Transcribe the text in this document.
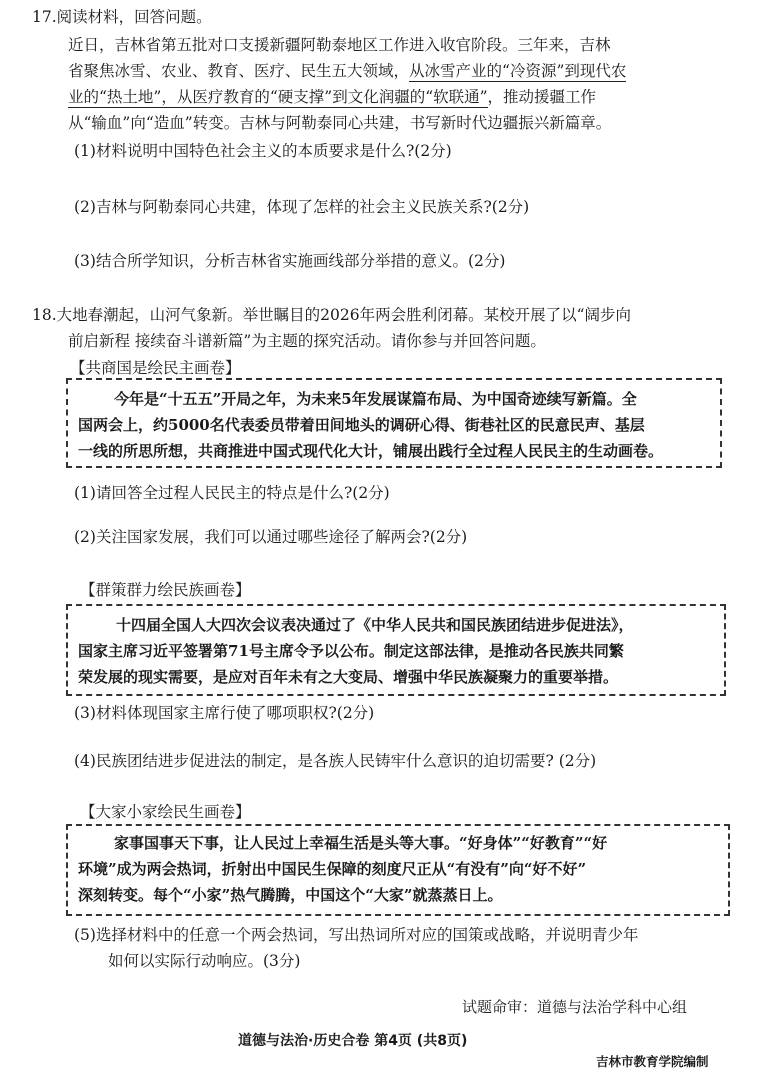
17.阅读材料，回答问题。
近日，吉林省第五批对口支援新疆阿勒泰地区工作进入收官阶段。三年来，吉林
省聚焦冰雪、农业、教育、医疗、民生五大领域，从冰雪产业的“冷资源”到现代农
业的“热土地”，从医疗教育的“硬支撑”到文化润疆的“软联通”，推动援疆工作
从“输血”向“造血”转变。吉林与阿勒泰同心共建，书写新时代边疆振兴新篇章。
(1)材料说明中国特色社会主义的本质要求是什么?(2分)
(2)吉林与阿勒泰同心共建，体现了怎样的社会主义民族关系?(2分)
(3)结合所学知识，分析吉林省实施画线部分举措的意义。(2分)
18.大地春潮起，山河气象新。举世瞩目的2026年两会胜利闭幕。某校开展了以“阔步向
前启新程 接续奋斗谱新篇”为主题的探究活动。请你参与并回答问题。
【共商国是绘民主画卷】
今年是“十五五”开局之年，为未来5年发展谋篇布局、为中国奇迹续写新篇。全
国两会上，约5000名代表委员带着田间地头的调研心得、街巷社区的民意民声、基层
一线的所思所想，共商推进中国式现代化大计，铺展出践行全过程人民民主的生动画卷。
(1)请回答全过程人民民主的特点是什么?(2分)
(2)关注国家发展，我们可以通过哪些途径了解两会?(2分)
【群策群力绘民族画卷】
十四届全国人大四次会议表决通过了《中华人民共和国民族团结进步促进法》，
国家主席习近平签署第71号主席令予以公布。制定这部法律，是推动各民族共同繁
荣发展的现实需要，是应对百年未有之大变局、增强中华民族凝聚力的重要举措。
(3)材料体现国家主席行使了哪项职权?(2分)
(4)民族团结进步促进法的制定，是各族人民铸牢什么意识的迫切需要? (2分)
【大家小家绘民生画卷】
家事国事天下事，让人民过上幸福生活是头等大事。“好身体”“好教育”“好
环境”成为两会热词，折射出中国民生保障的刻度尺正从“有没有”向“好不好”
深刻转变。每个“小家”热气腾腾，中国这个“大家”就蒸蒸日上。
(5)选择材料中的任意一个两会热词，写出热词所对应的国策或战略，并说明青少年
如何以实际行动响应。(3分)
试题命审：道德与法治学科中心组
道德与法治·历史合卷 第4页 (共8页)
吉林市教育学院编制
